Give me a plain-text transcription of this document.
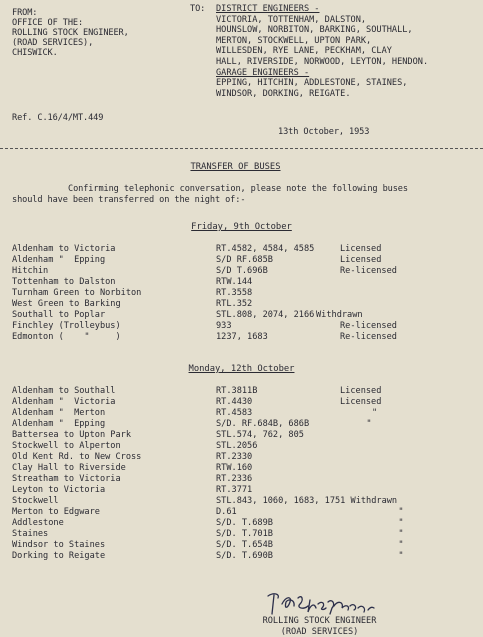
FROM:
OFFICE OF THE:
ROLLING STOCK ENGINEER,
(ROAD SERVICES),
CHISWICK.
TO: DISTRICT ENGINEERS -
VICTORIA, TOTTENHAM, DALSTON,
HOUNSLOW, NORBITON, BARKING, SOUTHALL,
MERTON, STOCKWELL, UPTON PARK,
WILLESDEN, RYE LANE, PECKHAM, CLAY
HALL, RIVERSIDE, NORWOOD, LEYTON, HENDON.
GARAGE ENGINEERS -
EPPING, HITCHIN, ADDLESTONE, STAINES,
WINDSOR, DORKING, REIGATE.
Ref. C.16/4/MT.449
13th October, 1953
TRANSFER OF BUSES
Confirming telephonic conversation, please note the following buses
should have been transferred on the night of:-
Friday, 9th October
Aldenham to Victoria	RT.4582, 4584, 4585	Licensed
Aldenham "  Epping	S/D RF.685B	Licensed
Hitchin	S/D T.696B	Re-licensed
Tottenham to Dalston	RTW.144
Turnham Green to Norbiton	RT.3558
West Green to Barking	RTL.352
Southall to Poplar	STL.808, 2074, 2166 Withdrawn
Finchley (Trolleybus)	933	Re-licensed
Edmonton (    "     )	1237, 1683	Re-licensed
Monday, 12th October
Aldenham to Southall	RT.3811B	Licensed
Aldenham "  Victoria	RT.4430	Licensed
Aldenham "  Merton	RT.4583	"
Aldenham "  Epping	S/D. RF.684B, 686B	"
Battersea to Upton Park	STL.574, 762, 805
Stockwell to Alperton	STL.2056
Old Kent Rd. to New Cross	RT.2330
Clay Hall to Riverside	RTW.160
Streatham to Victoria	RT.2336
Leyton to Victoria	RT.3771
Stockwell	STL.843, 1060, 1683, 1751 Withdrawn
Merton to Edgware	D.61	"
Addlestone	S/D. T.689B	"
Staines	S/D. T.701B	"
Windsor to Staines	S/D. T.654B	"
Dorking to Reigate	S/D. T.690B	"
ROLLING STOCK ENGINEER
(ROAD SERVICES)
